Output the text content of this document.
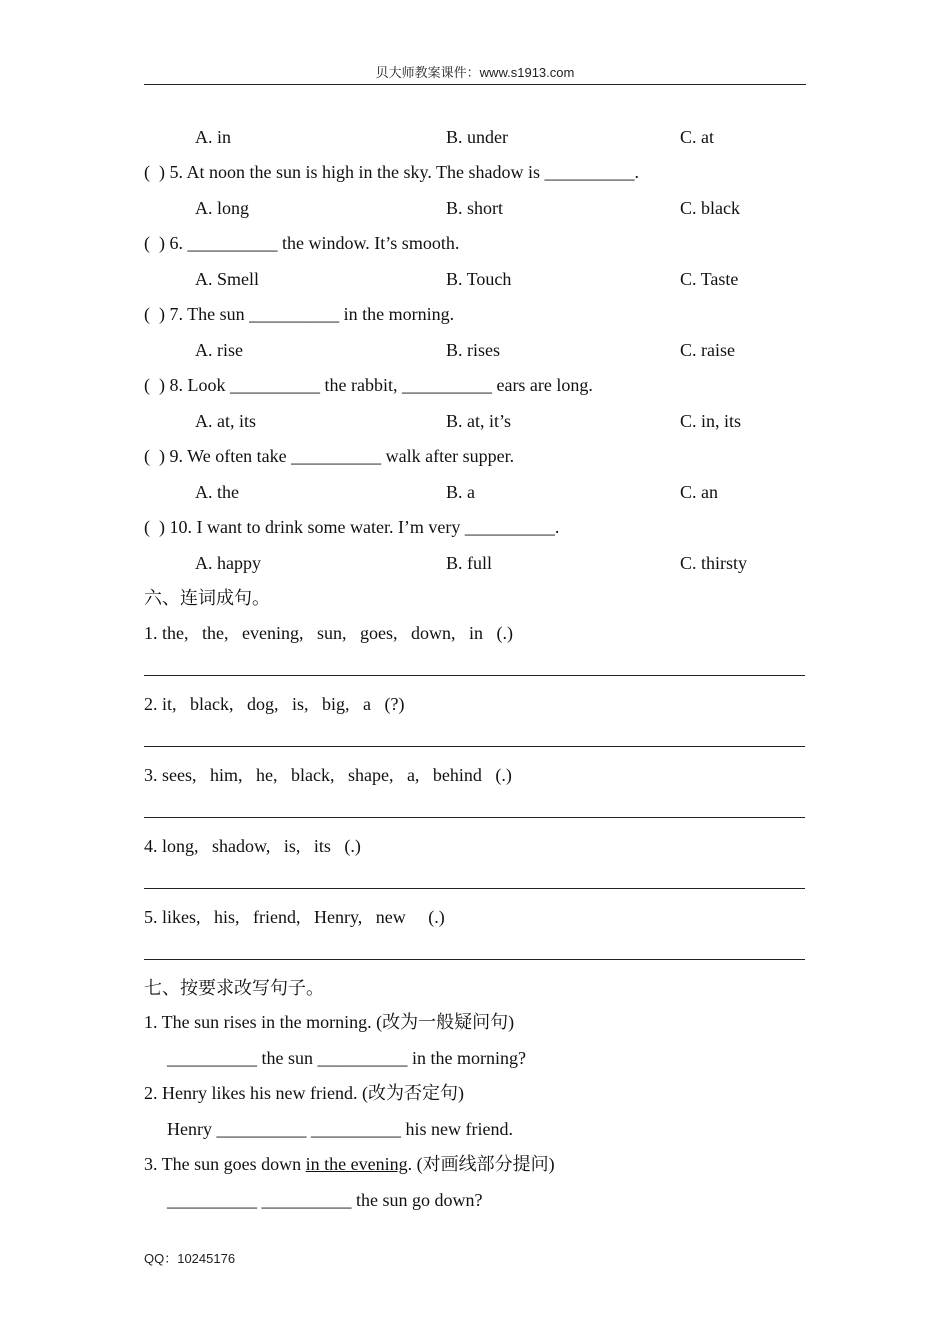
贝大师教案课件：www.s1913.com
A. in	B. under	C. at
(  ) 5. At noon the sun is high in the sky. The shadow is __________.
A. long	B. short	C. black
(  ) 6. __________ the window. It’s smooth.
A. Smell	B. Touch	C. Taste
(  ) 7. The sun __________ in the morning.
A. rise	B. rises	C. raise
(  ) 8. Look __________ the rabbit, __________ ears are long.
A. at, its	B. at, it’s	C. in, its
(  ) 9. We often take __________ walk after supper.
A. the	B. a	C. an
(  ) 10. I want to drink some water. I’m very __________.
A. happy	B. full	C. thirsty
六、连词成句。
1. the,   the,   evening,   sun,   goes,   down,   in   (.)
2. it,   black,   dog,   is,   big,   a   (?)
3. sees,   him,   he,   black,   shape,   a,   behind   (.)
4. long,   shadow,   is,   its   (.)
5. likes,   his,   friend,   Henry,   new     (.)
七、按要求改写句子。
1. The sun rises in the morning. (改为一般疑问句)
__________ the sun __________ in the morning?
2. Henry likes his new friend. (改为否定句)
Henry __________ __________ his new friend.
3. The sun goes down in the evening. (对画线部分提问)
__________ __________ the sun go down?
QQ：10245176
